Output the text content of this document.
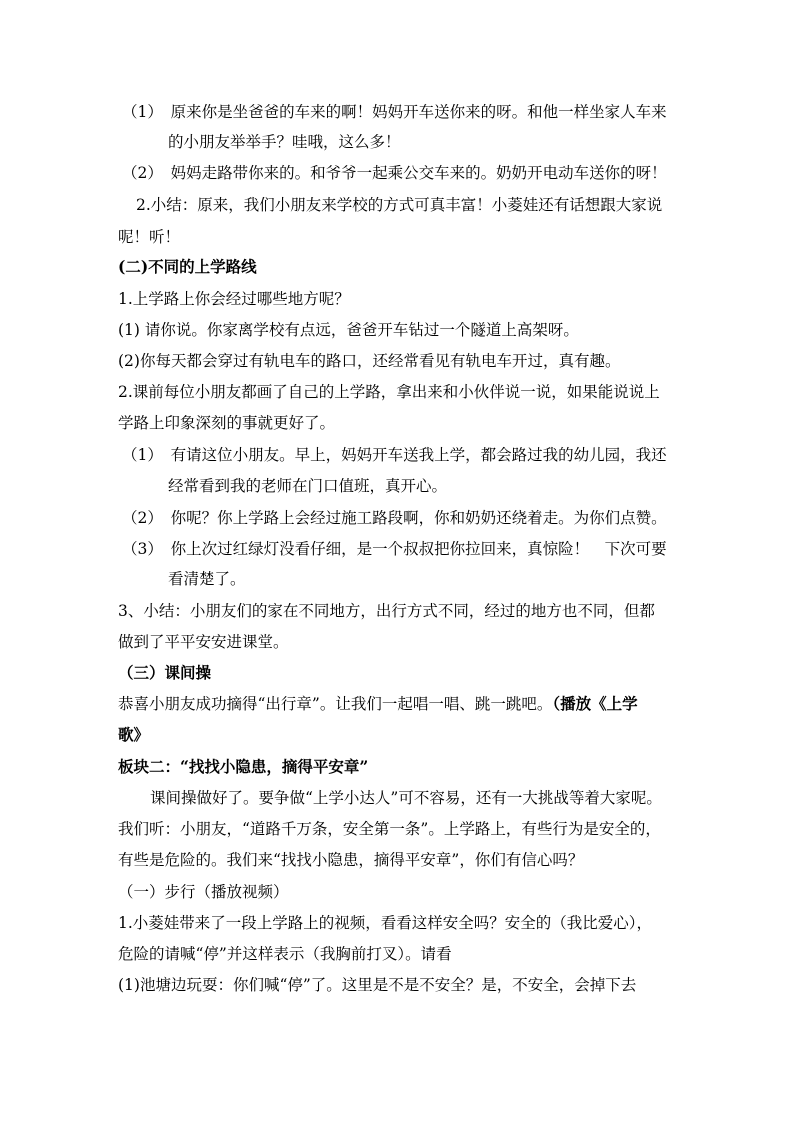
（1）　原来你是坐爸爸的车来的啊！妈妈开车送你来的呀。和他一样坐家人车来
的小朋友举举手？哇哦，这么多！
（2）　妈妈走路带你来的。和爷爷一起乘公交车来的。奶奶开电动车送你的呀！
2.小结：原来，我们小朋友来学校的方式可真丰富！小菱娃还有话想跟大家说
呢！听！
(二)不同的上学路线
1.上学路上你会经过哪些地方呢？
(1) 请你说。你家离学校有点远，爸爸开车钻过一个隧道上高架呀。
(2)你每天都会穿过有轨电车的路口，还经常看见有轨电车开过，真有趣。
2.课前每位小朋友都画了自己的上学路，拿出来和小伙伴说一说，如果能说说上
学路上印象深刻的事就更好了。
（1）　有请这位小朋友。早上，妈妈开车送我上学，都会路过我的幼儿园，我还
经常看到我的老师在门口值班，真开心。
（2）　你呢？你上学路上会经过施工路段啊，你和奶奶还绕着走。为你们点赞。
（3）　你上次过红绿灯没看仔细，是一个叔叔把你拉回来，真惊险！　下次可要
看清楚了。
3、小结：小朋友们的家在不同地方，出行方式不同，经过的地方也不同，但都
做到了平平安安进课堂。
（三）课间操
恭喜小朋友成功摘得“出行章”。让我们一起唱一唱、跳一跳吧。（播放《上学
歌》
板块二：“找找小隐患，摘得平安章”
课间操做好了。要争做“上学小达人”可不容易，还有一大挑战等着大家呢。
我们听：小朋友，“道路千万条，安全第一条”。上学路上，有些行为是安全的，
有些是危险的。我们来“找找小隐患，摘得平安章”，你们有信心吗？
（一）步行（播放视频）
1.小菱娃带来了一段上学路上的视频，看看这样安全吗？安全的（我比爱心），
危险的请喊“停”并这样表示（我胸前打叉）。请看
(1)池塘边玩耍：你们喊“停”了。这里是不是不安全？是，不安全，会掉下去
